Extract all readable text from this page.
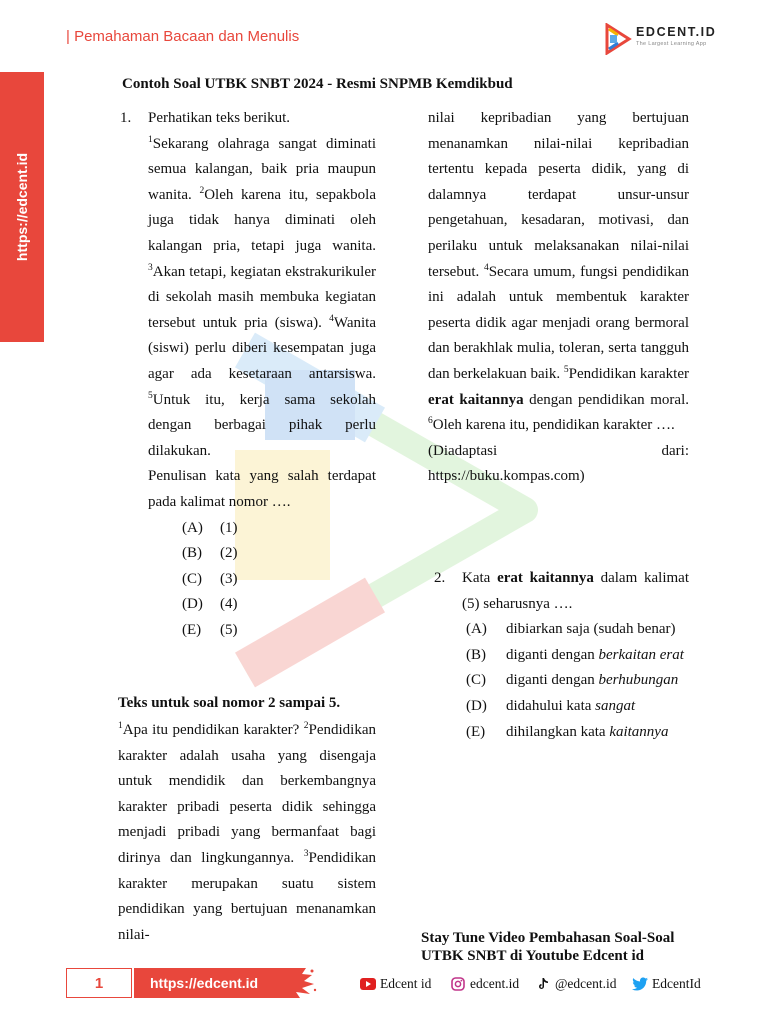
| Pemahaman Bacaan dan Menulis	EDCENT.ID
The Largest Learning App
https://edcent.id
Contoh Soal UTBK SNBT 2024 - Resmi SNPMB Kemdikbud
1. Perhatikan teks berikut.
$^1$Sekarang olahraga sangat diminati semua kalangan, baik pria maupun wanita. $^2$Oleh karena itu, sepakbola juga tidak hanya diminati oleh kalangan pria, tetapi juga wanita. $^3$Akan tetapi, kegiatan ekstrakurikuler di sekolah masih membuka kegiatan tersebut untuk pria (siswa). $^4$Wanita (siswi) perlu diberi kesempatan juga agar ada kesetaraan antarsiswa. $^5$Untuk itu, kerja sama sekolah dengan berbagai pihak perlu dilakukan.
Penulisan kata yang salah terdapat pada kalimat nomor ….
(A)	(1)
(B)	(2)
(C)	(3)
(D)	(4)
(E)	(5)
Teks untuk soal nomor 2 sampai 5.
$^1$Apa itu pendidikan karakter? $^2$Pendidikan karakter adalah usaha yang disengaja untuk mendidik dan berkembangnya karakter pribadi peserta didik sehingga menjadi pribadi yang bermanfaat bagi dirinya dan lingkungannya. $^3$Pendidikan karakter merupakan suatu sistem pendidikan yang bertujuan menanamkan nilai-
nilai kepribadian yang bertujuan menanamkan nilai-nilai kepribadian tertentu kepada peserta didik, yang di dalamnya terdapat unsur-unsur pengetahuan, kesadaran, motivasi, dan perilaku untuk melaksanakan nilai-nilai tersebut. $^4$Secara umum, fungsi pendidikan ini adalah untuk membentuk karakter peserta didik agar menjadi orang bermoral dan berakhlak mulia, toleran, serta tangguh dan berkelakuan baik. $^5$Pendidikan karakter erat kaitannya dengan pendidikan moral. $^6$Oleh karena itu, pendidikan karakter ….
(Diadaptasi	dari:
https://buku.kompas.com)
2. Kata erat kaitannya dalam kalimat (5) seharusnya ….
(A)	dibiarkan saja (sudah benar)
(B)	diganti dengan berkaitan erat
(C)	diganti dengan berhubungan
(D)	didahului kata sangat
(E)	dihilangkan kata kaitannya
Stay Tune Video Pembahasan Soal-Soal
UTBK SNBT di Youtube Edcent id
1	https://edcent.id	Edcent id	edcent.id	@edcent.id	EdcentId
